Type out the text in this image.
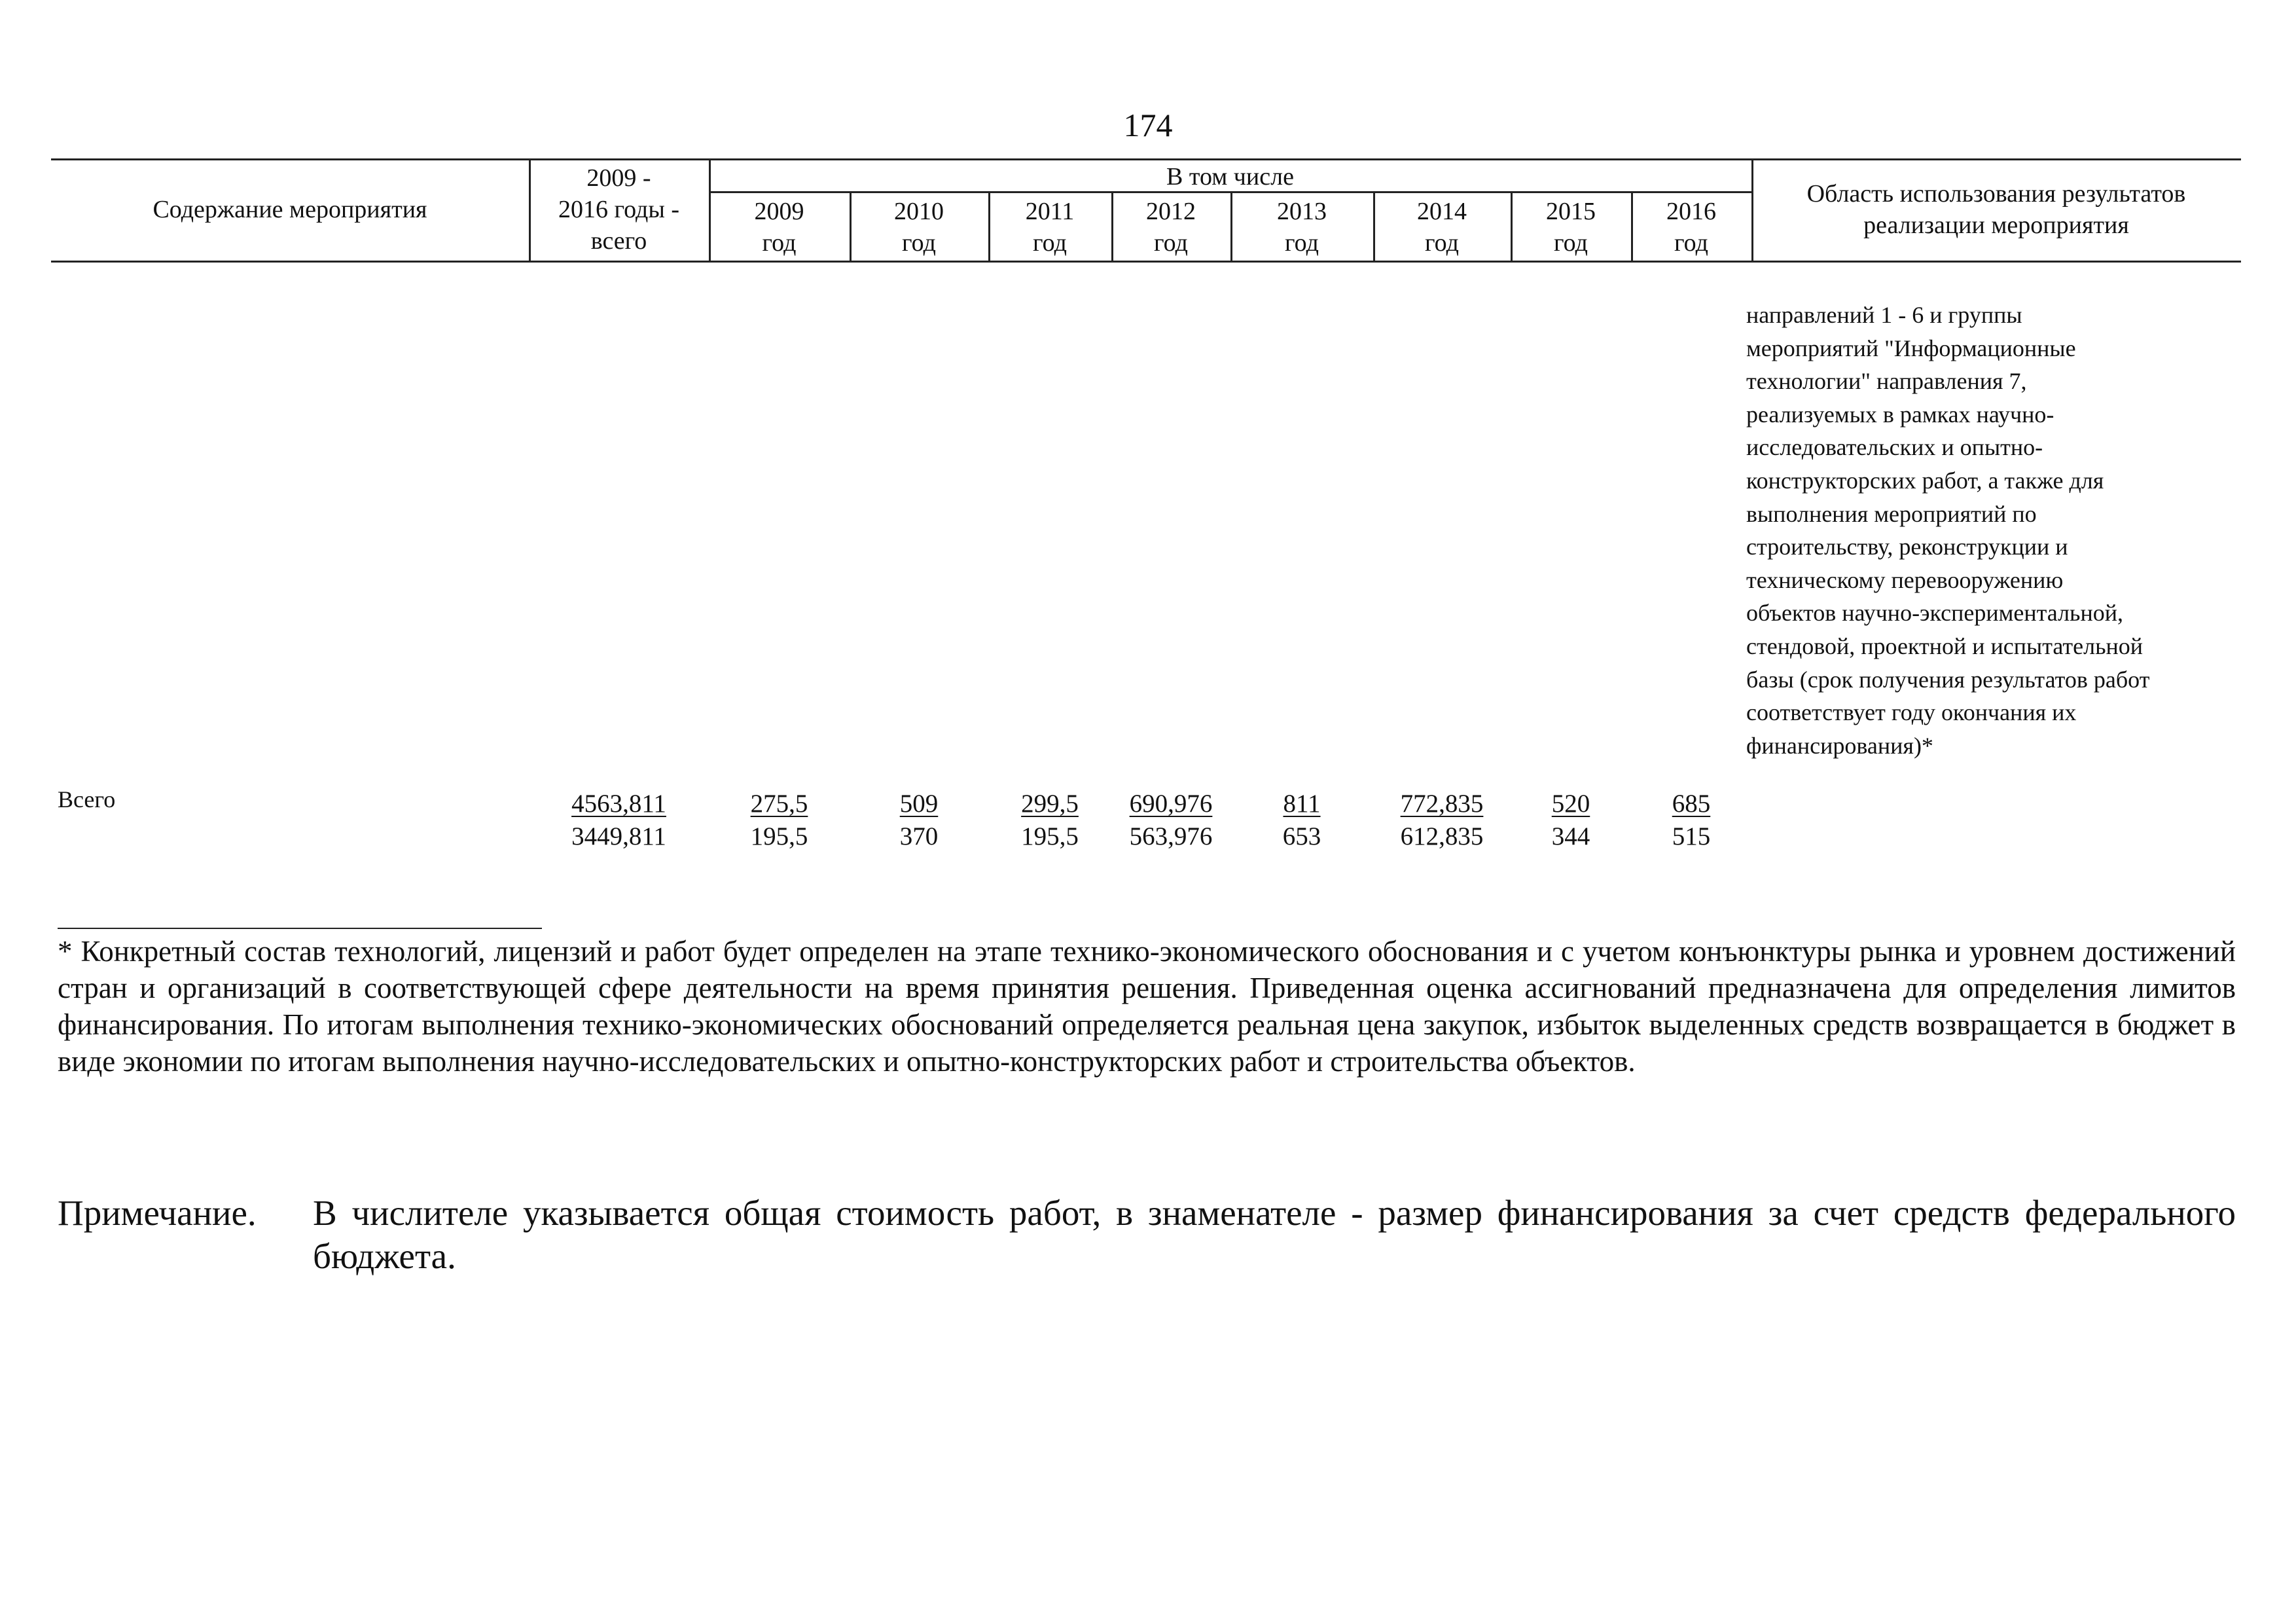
174
Содержание мероприятия
2009 -
2016 годы -
всего
В том числе
2009
год
2010
год
2011
год
2012
год
2013
год
2014
год
2015
год
2016
год
Область использования результатов
реализации мероприятия
направлений 1 - 6 и группы
мероприятий "Информационные
технологии" направления 7,
реализуемых в рамках научно-
исследовательских и опытно-
конструкторских работ, а также для
выполнения мероприятий по
строительству, реконструкции и
техническому перевооружению
объектов научно-экспериментальной,
стендовой, проектной и испытательной
базы (срок получения результатов работ
соответствует году окончания их
финансирования)*
Всего	$\frac{4563,811}{3449,811} \frac{275,5}{195,5} \frac{509}{370} \frac{299,5}{195,5} \frac{690,976}{563,976} \frac{811}{653} \frac{772,835}{612,835} \frac{520}{344} \frac{685}{515}$
* Конкретный состав технологий, лицензий и работ будет определен на этапе технико-экономического обоснования и с учетом конъюнктуры рынка и уровнем достижений стран и организаций в соответствующей сфере деятельности на время принятия решения. Приведенная оценка ассигнований предназначена для определения лимитов финансирования. По итогам выполнения технико-экономических обоснований определяется реальная цена закупок, избыток выделенных средств возвращается в бюджет в виде экономии по итогам выполнения научно-исследовательских и опытно-конструкторских работ и строительства объектов.
Примечание. В числителе указывается общая стоимость работ, в знаменателе - размер финансирования за счет средств федерального бюджета.
